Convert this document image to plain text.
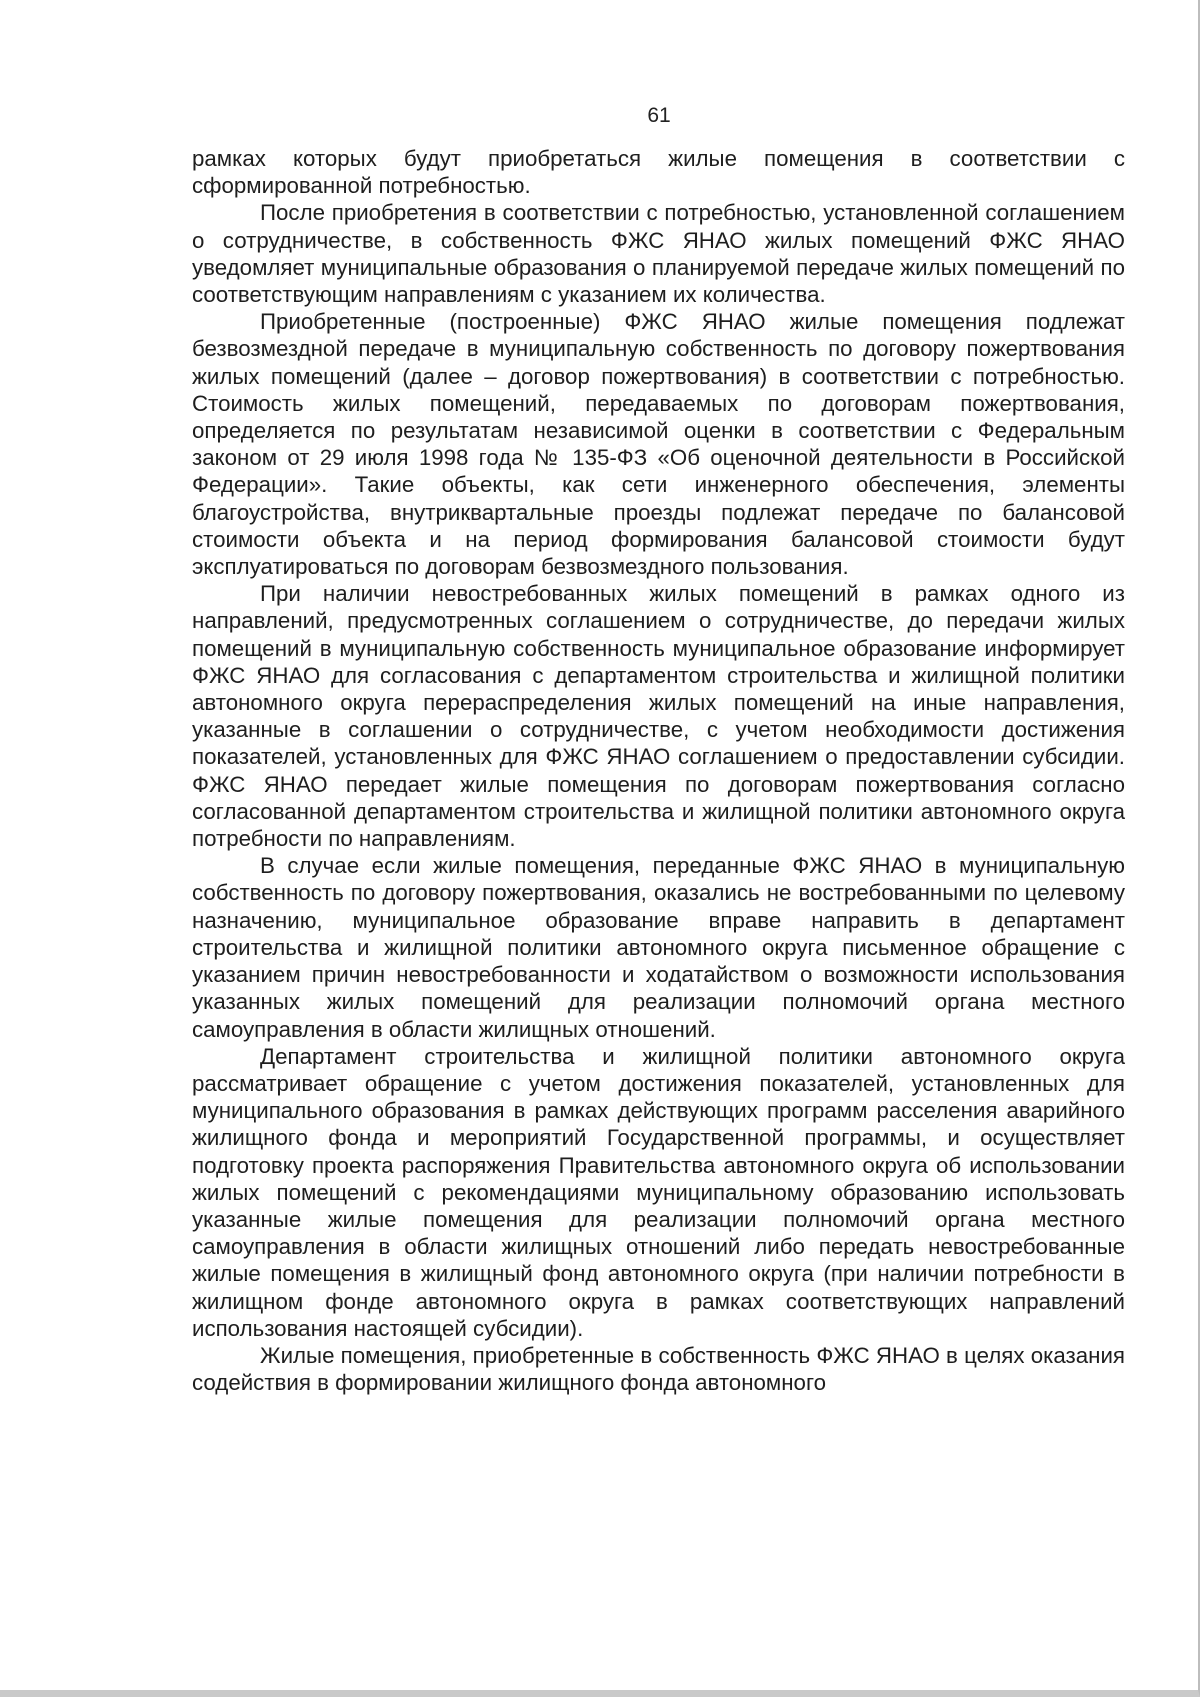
61

рамках которых будут приобретаться жилые помещения в соответствии с сформированной потребностью.

После приобретения в соответствии с потребностью, установленной соглашением о сотрудничестве, в собственность ФЖС ЯНАО жилых помещений ФЖС ЯНАО уведомляет муниципальные образования о планируемой передаче жилых помещений по соответствующим направлениям с указанием их количества.

Приобретенные (построенные) ФЖС ЯНАО жилые помещения подлежат безвозмездной передаче в муниципальную собственность по договору пожертвования жилых помещений (далее – договор пожертвования) в соответствии с потребностью. Стоимость жилых помещений, передаваемых по договорам пожертвования, определяется по результатам независимой оценки в соответствии с Федеральным законом от 29 июля 1998 года № 135-ФЗ «Об оценочной деятельности в Российской Федерации». Такие объекты, как сети инженерного обеспечения, элементы благоустройства, внутриквартальные проезды подлежат передаче по балансовой стоимости объекта и на период формирования балансовой стоимости будут эксплуатироваться по договорам безвозмездного пользования.

При наличии невостребованных жилых помещений в рамках одного из направлений, предусмотренных соглашением о сотрудничестве, до передачи жилых помещений в муниципальную собственность муниципальное образование информирует ФЖС ЯНАО для согласования с департаментом строительства и жилищной политики автономного округа перераспределения жилых помещений на иные направления, указанные в соглашении о сотрудничестве, с учетом необходимости достижения показателей, установленных для ФЖС ЯНАО соглашением о предоставлении субсидии. ФЖС ЯНАО передает жилые помещения по договорам пожертвования согласно согласованной департаментом строительства и жилищной политики автономного округа потребности по направлениям.

В случае если жилые помещения, переданные ФЖС ЯНАО в муниципальную собственность по договору пожертвования, оказались не востребованными по целевому назначению, муниципальное образование вправе направить в департамент строительства и жилищной политики автономного округа письменное обращение с указанием причин невостребованности и ходатайством о возможности использования указанных жилых помещений для реализации полномочий органа местного самоуправления в области жилищных отношений.

Департамент строительства и жилищной политики автономного округа рассматривает обращение с учетом достижения показателей, установленных для муниципального образования в рамках действующих программ расселения аварийного жилищного фонда и мероприятий Государственной программы, и осуществляет подготовку проекта распоряжения Правительства автономного округа об использовании жилых помещений с рекомендациями муниципальному образованию использовать указанные жилые помещения для реализации полномочий органа местного самоуправления в области жилищных отношений либо передать невостребованные жилые помещения в жилищный фонд автономного округа (при наличии потребности в жилищном фонде автономного округа в рамках соответствующих направлений использования настоящей субсидии).

Жилые помещения, приобретенные в собственность ФЖС ЯНАО в целях оказания содействия в формировании жилищного фонда автономного
